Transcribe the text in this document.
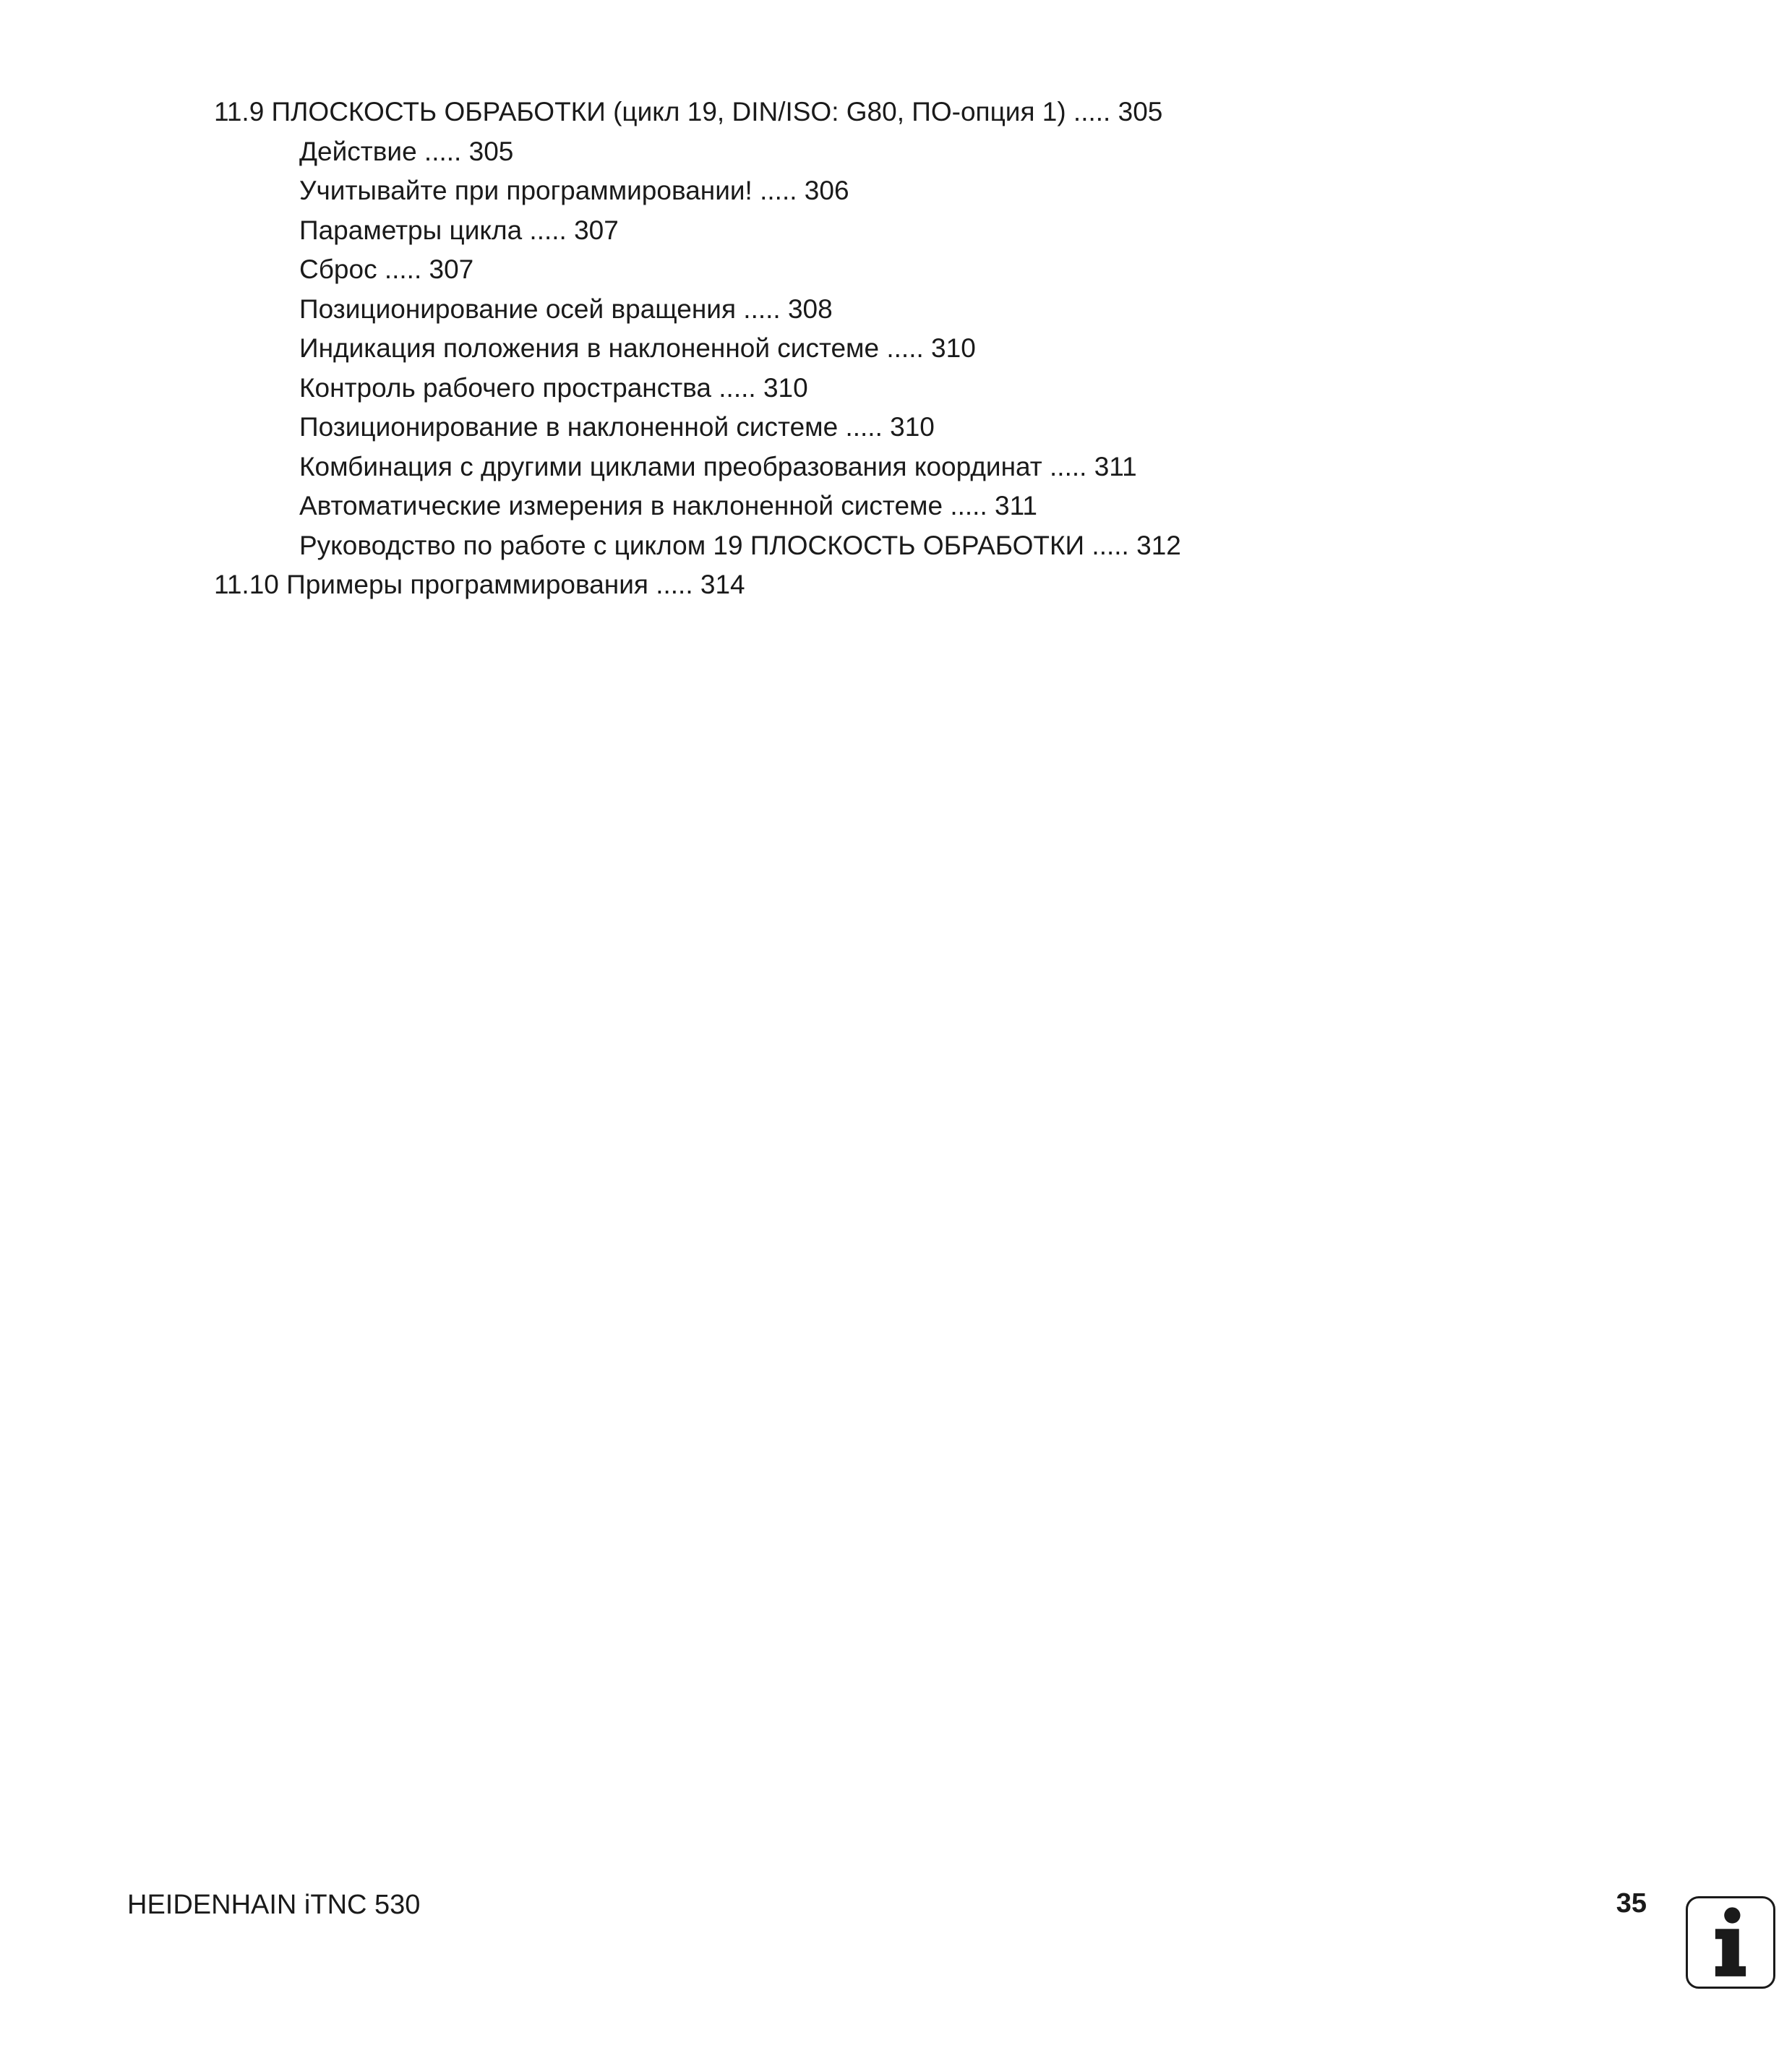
11.9 ПЛОСКОСТЬ ОБРАБОТКИ (цикл 19, DIN/ISO: G80, ПО-опция 1) ..... 305
Действие ..... 305
Учитывайте при программировании! ..... 306
Параметры цикла ..... 307
Сброс ..... 307
Позиционирование осей вращения ..... 308
Индикация положения в наклоненной системе ..... 310
Контроль рабочего пространства ..... 310
Позиционирование в наклоненной системе ..... 310
Комбинация с другими циклами преобразования координат ..... 311
Автоматические измерения в наклоненной системе ..... 311
Руководство по работе с циклом 19 ПЛОСКОСТЬ ОБРАБОТКИ ..... 312
11.10 Примеры программирования ..... 314
HEIDENHAIN iTNC 530	35
